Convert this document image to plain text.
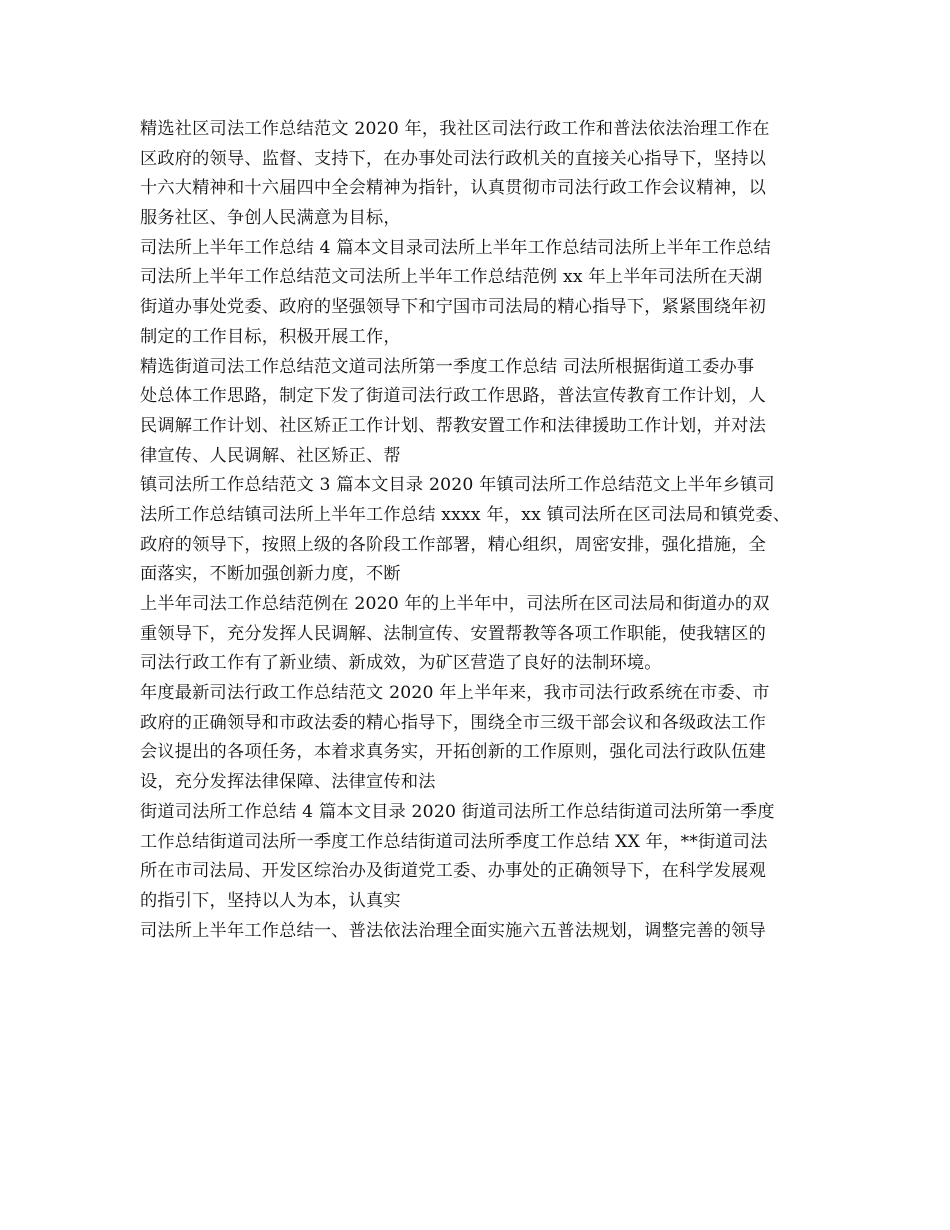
精选社区司法工作总结范文 2020 年，我社区司法行政工作和普法依法治理工作在
区政府的领导、监督、支持下，在办事处司法行政机关的直接关心指导下，坚持以
十六大精神和十六届四中全会精神为指针，认真贯彻市司法行政工作会议精神，以
服务社区、争创人民满意为目标，
司法所上半年工作总结 4 篇本文目录司法所上半年工作总结司法所上半年工作总结
司法所上半年工作总结范文司法所上半年工作总结范例 xx 年上半年司法所在天湖
街道办事处党委、政府的坚强领导下和宁国市司法局的精心指导下，紧紧围绕年初
制定的工作目标，积极开展工作，
精选街道司法工作总结范文道司法所第一季度工作总结 司法所根据街道工委办事
处总体工作思路，制定下发了街道司法行政工作思路，普法宣传教育工作计划，人
民调解工作计划、社区矫正工作计划、帮教安置工作和法律援助工作计划，并对法
律宣传、人民调解、社区矫正、帮
镇司法所工作总结范文 3 篇本文目录 2020 年镇司法所工作总结范文上半年乡镇司
法所工作总结镇司法所上半年工作总结 xxxx 年，xx 镇司法所在区司法局和镇党委、
政府的领导下，按照上级的各阶段工作部署，精心组织，周密安排，强化措施，全
面落实，不断加强创新力度，不断
上半年司法工作总结范例在 2020 年的上半年中，司法所在区司法局和街道办的双
重领导下，充分发挥人民调解、法制宣传、安置帮教等各项工作职能，使我辖区的
司法行政工作有了新业绩、新成效，为矿区营造了良好的法制环境。
年度最新司法行政工作总结范文 2020 年上半年来，我市司法行政系统在市委、市
政府的正确领导和市政法委的精心指导下，围绕全市三级干部会议和各级政法工作
会议提出的各项任务，本着求真务实，开拓创新的工作原则，强化司法行政队伍建
设，充分发挥法律保障、法律宣传和法
街道司法所工作总结 4 篇本文目录 2020 街道司法所工作总结街道司法所第一季度
工作总结街道司法所一季度工作总结街道司法所季度工作总结 XX 年，**街道司法
所在市司法局、开发区综治办及街道党工委、办事处的正确领导下，在科学发展观
的指引下，坚持以人为本，认真实
司法所上半年工作总结一、普法依法治理全面实施六五普法规划，调整完善的领导
